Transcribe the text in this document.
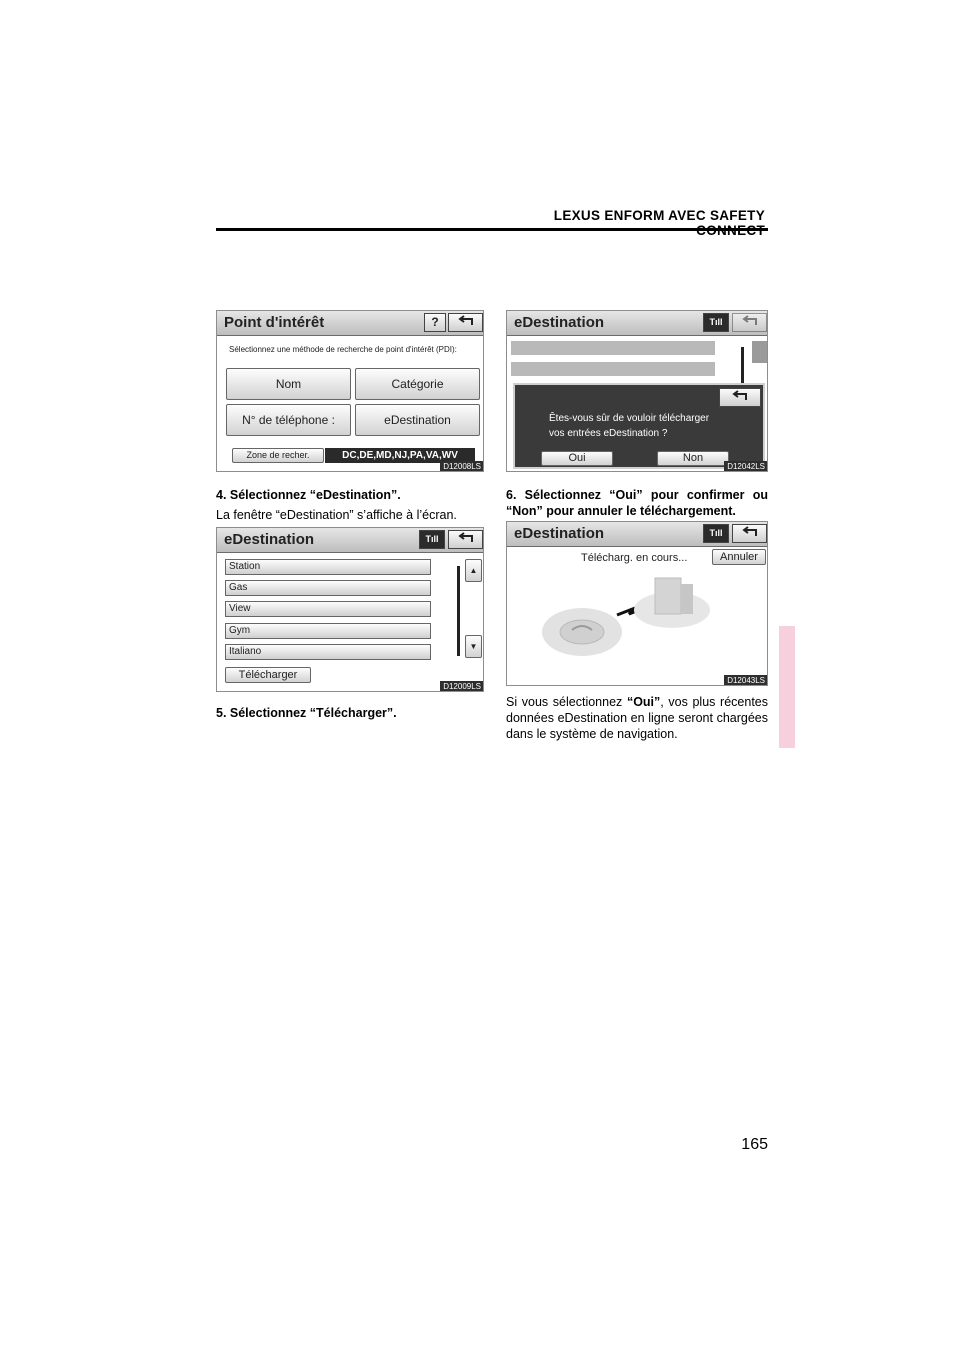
LEXUS ENFORM AVEC SAFETY
Point d'intérêt	?
Sélectionnez une méthode de recherche de point d'intérêt (PDI):
Nom	Catégorie
N° de téléphone :	eDestination
Zone de recher.	DC,DE,MD,NJ,PA,VA,WV
D12008LS
4. Sélectionnez “eDestination”.
La fenêtre “eDestination” s’affiche à l’écran.
eDestination	Tıll
Station
Gas
View
Gym
Italiano
Télécharger
▲
▼
D12009LS
5. Sélectionnez “Télécharger”.
eDestination	Tıll
Êtes-vous sûr de vouloir télécharger vos entrées eDestination ?
Oui	Non
D12042LS
6. Sélectionnez “Oui” pour confirmer ou “Non” pour annuler le téléchargement.
eDestination	Tıll
Télécharg. en cours...	Annuler
D12043LS
Si vous sélectionnez “Oui”, vos plus récentes données eDestination en ligne seront chargées dans le système de navigation.
165
